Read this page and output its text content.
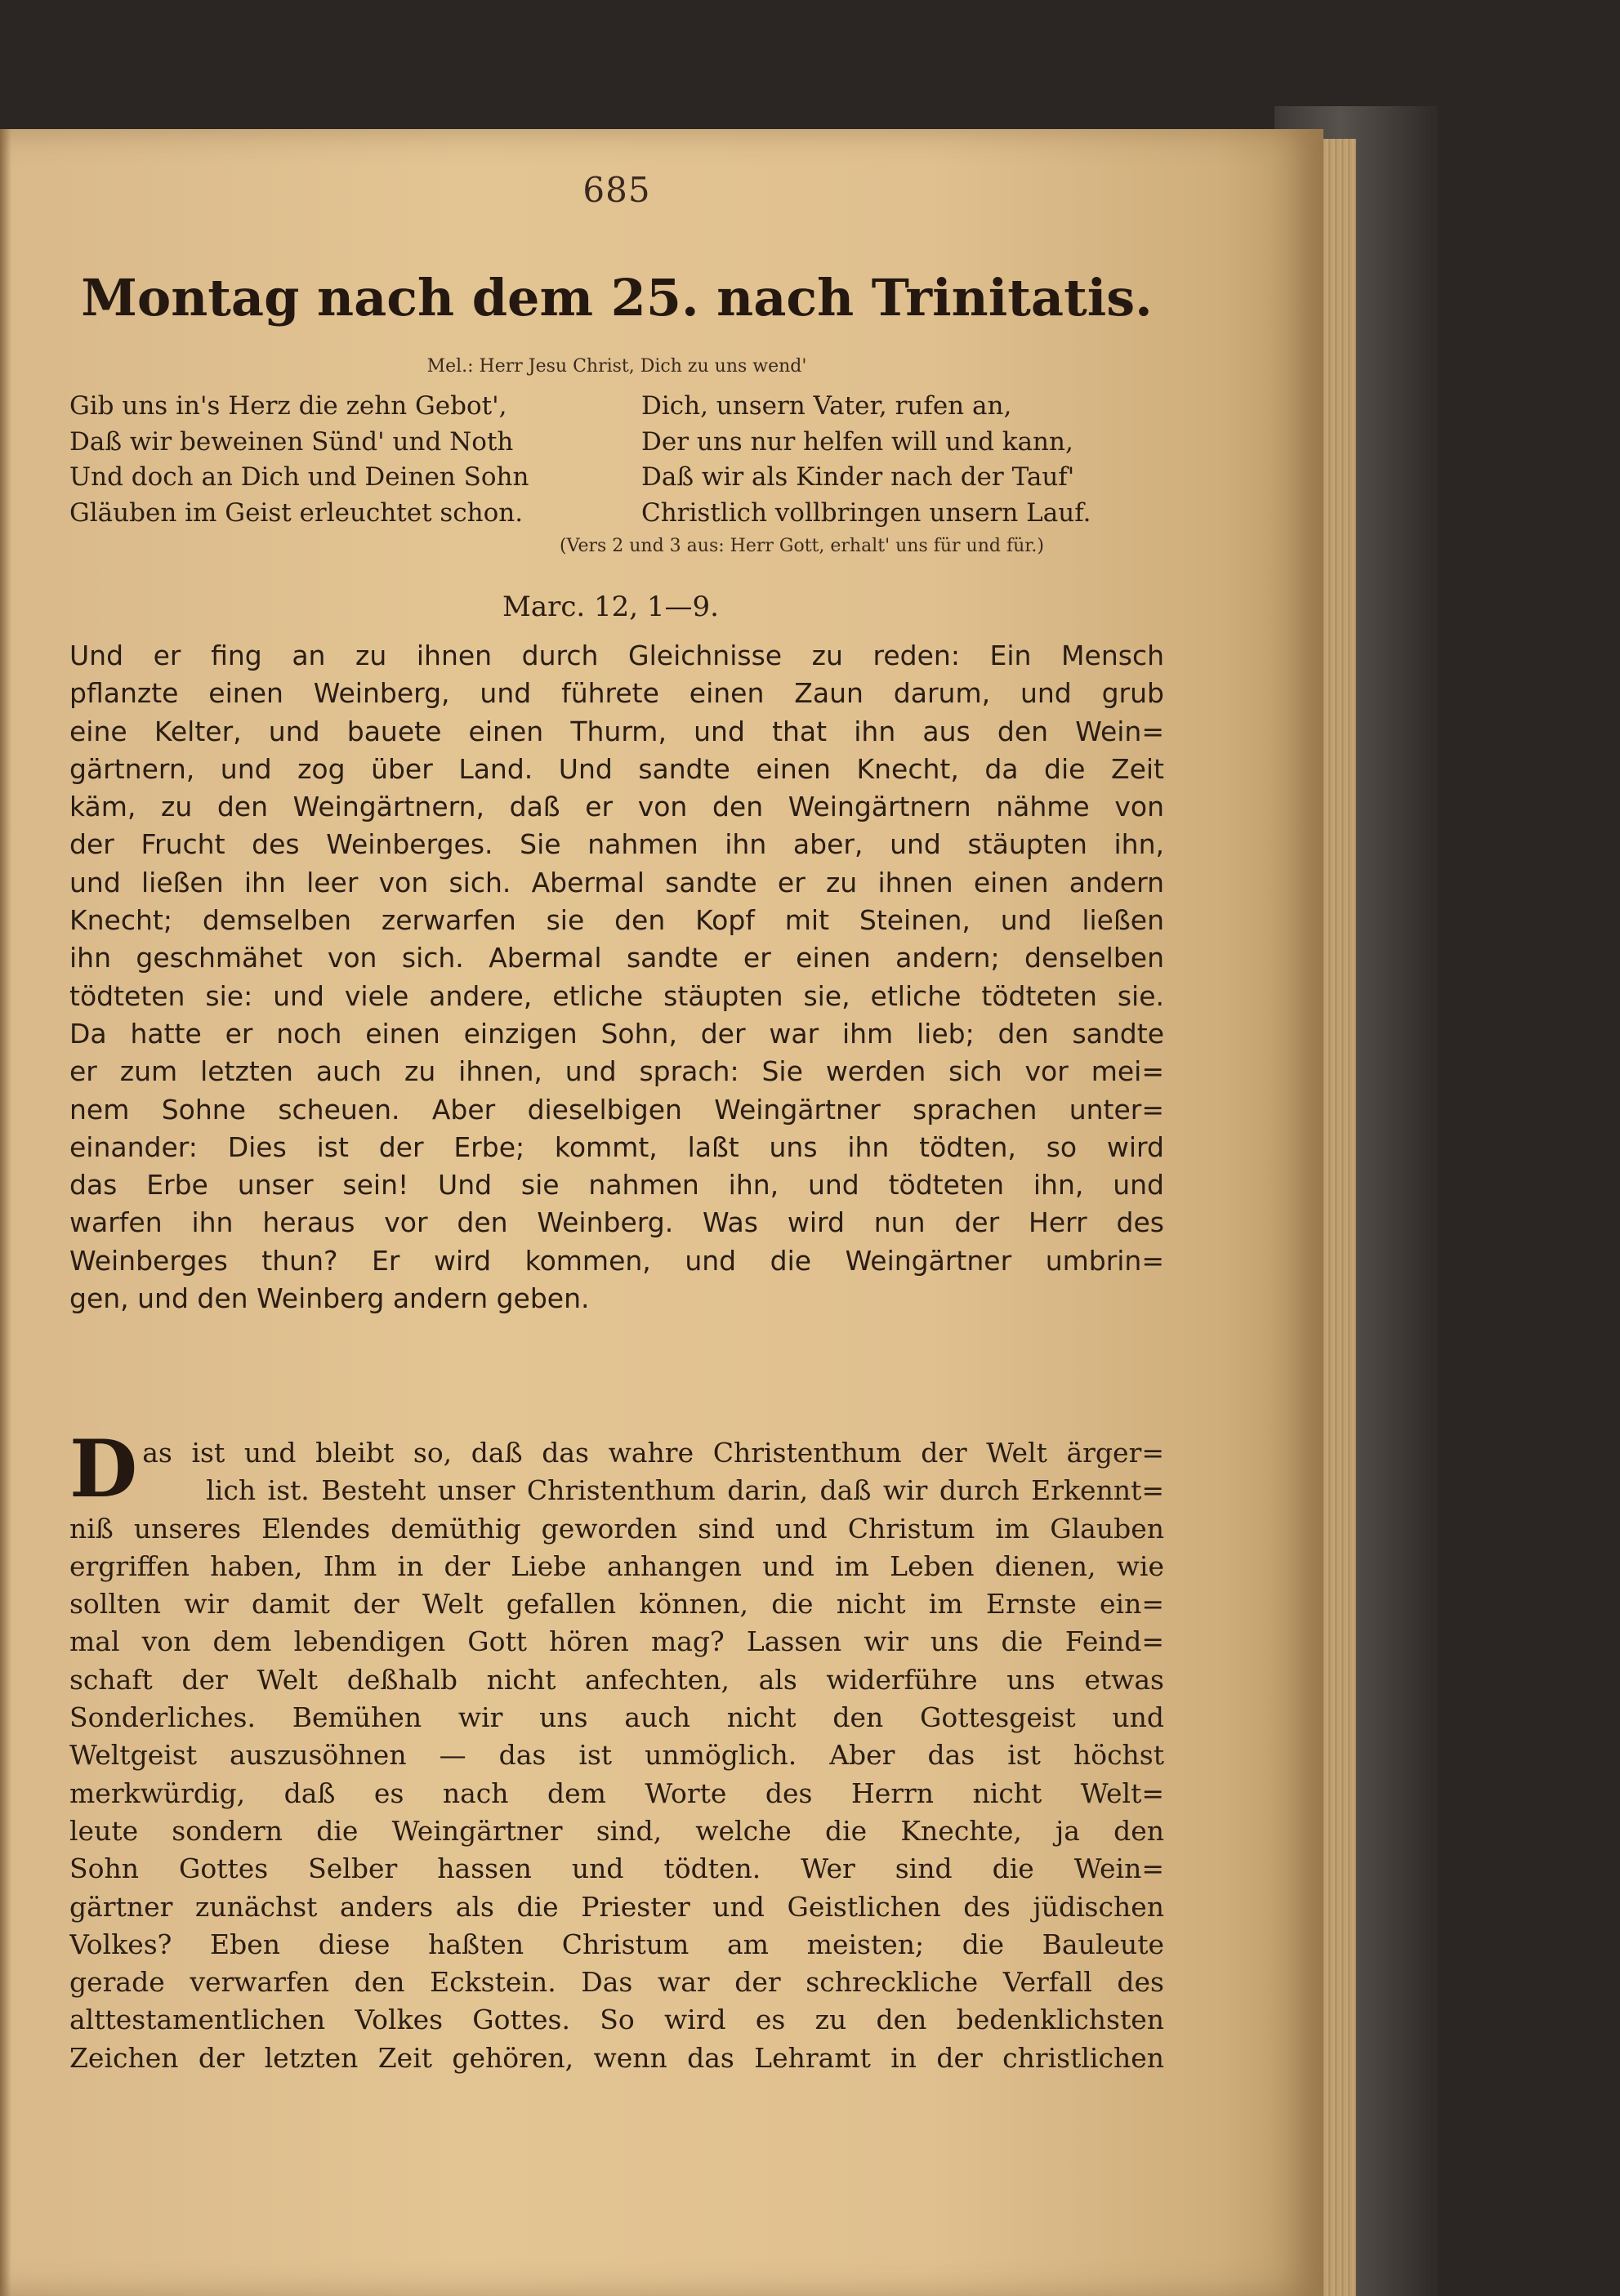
685
Montag nach dem 25. nach Trinitatis.
Mel.: Herr Jesu Christ, Dich zu uns wend'
Gib uns in's Herz die zehn Gebot',
Daß wir beweinen Sünd' und Noth
Und doch an Dich und Deinen Sohn
Gläuben im Geist erleuchtet schon.
Dich, unsern Vater, rufen an,
Der uns nur helfen will und kann,
Daß wir als Kinder nach der Tauf'
Christlich vollbringen unsern Lauf.
(Vers 2 und 3 aus: Herr Gott, erhalt' uns für und für.)
Marc. 12, 1—9.
Und er fing an zu ihnen durch Gleichnisse zu reden: Ein Mensch
pflanzte einen Weinberg, und führete einen Zaun darum, und grub
eine Kelter, und bauete einen Thurm, und that ihn aus den Wein=
gärtnern, und zog über Land. Und sandte einen Knecht, da die Zeit
käm, zu den Weingärtnern, daß er von den Weingärtnern nähme von
der Frucht des Weinberges. Sie nahmen ihn aber, und stäupten ihn,
und ließen ihn leer von sich. Abermal sandte er zu ihnen einen andern
Knecht; demselben zerwarfen sie den Kopf mit Steinen, und ließen
ihn geschmähet von sich. Abermal sandte er einen andern; denselben
tödteten sie: und viele andere, etliche stäupten sie, etliche tödteten sie.
Da hatte er noch einen einzigen Sohn, der war ihm lieb; den sandte
er zum letzten auch zu ihnen, und sprach: Sie werden sich vor mei=
nem Sohne scheuen. Aber dieselbigen Weingärtner sprachen unter=
einander: Dies ist der Erbe; kommt, laßt uns ihn tödten, so wird
das Erbe unser sein! Und sie nahmen ihn, und tödteten ihn, und
warfen ihn heraus vor den Weinberg. Was wird nun der Herr des
Weinberges thun? Er wird kommen, und die Weingärtner umbrin=
gen, und den Weinberg andern geben.
D as ist und bleibt so, daß das wahre Christenthum der Welt ärger=
lich ist. Besteht unser Christenthum darin, daß wir durch Erkennt=
niß unseres Elendes demüthig geworden sind und Christum im Glauben
ergriffen haben, Ihm in der Liebe anhangen und im Leben dienen, wie
sollten wir damit der Welt gefallen können, die nicht im Ernste ein=
mal von dem lebendigen Gott hören mag? Lassen wir uns die Feind=
schaft der Welt deßhalb nicht anfechten, als widerführe uns etwas
Sonderliches. Bemühen wir uns auch nicht den Gottesgeist und
Weltgeist auszusöhnen — das ist unmöglich. Aber das ist höchst
merkwürdig, daß es nach dem Worte des Herrn nicht Welt=
leute sondern die Weingärtner sind, welche die Knechte, ja den
Sohn Gottes Selber hassen und tödten. Wer sind die Wein=
gärtner zunächst anders als die Priester und Geistlichen des jüdischen
Volkes? Eben diese haßten Christum am meisten; die Bauleute
gerade verwarfen den Eckstein. Das war der schreckliche Verfall des
alttestamentlichen Volkes Gottes. So wird es zu den bedenklichsten
Zeichen der letzten Zeit gehören, wenn das Lehramt in der christlichen
